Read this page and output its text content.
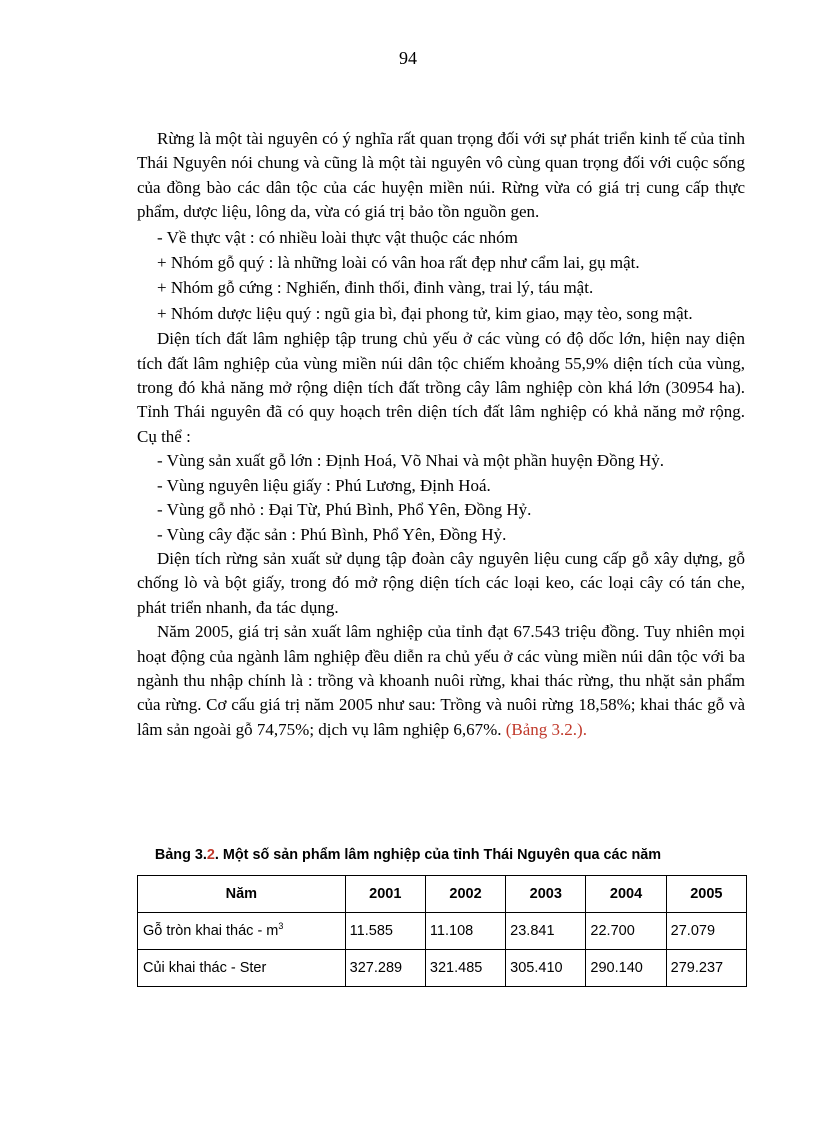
94

Rừng là một tài nguyên có ý nghĩa rất quan trọng đối với sự phát triển kinh tế của tỉnh Thái Nguyên nói chung và cũng là một tài nguyên vô cùng quan trọng đối với cuộc sống của đồng bào các dân tộc của các huyện miền núi. Rừng vừa có giá trị cung cấp thực phẩm, dược liệu, lông da, vừa có giá trị bảo tồn nguồn gen.

- Về thực vật : có nhiều loài thực vật thuộc các nhóm

+ Nhóm gỗ quý : là những loài có vân hoa rất đẹp như cẩm lai, gụ mật.

+ Nhóm gỗ cứng : Nghiến, đinh thối, đinh vàng, trai lý, táu mật.

+ Nhóm dược liệu quý : ngũ gia bì, đại phong tử, kim giao, mạy tèo, song mật.

Diện tích đất lâm nghiệp tập trung chủ yếu ở các vùng có độ dốc lớn, hiện nay diện tích đất lâm nghiệp của vùng miền núi dân tộc chiếm khoảng 55,9% diện tích của vùng, trong đó khả năng mở rộng diện tích đất trồng cây lâm nghiệp còn khá lớn (30954 ha). Tỉnh Thái nguyên đã có quy hoạch trên diện tích đất lâm nghiệp có khả năng mở rộng. Cụ thể :

- Vùng sản xuất gỗ lớn : Định Hoá, Võ Nhai và một phần huyện Đồng Hỷ.

- Vùng nguyên liệu giấy : Phú Lương, Định Hoá.

- Vùng gỗ nhỏ : Đại Từ, Phú Bình, Phổ Yên, Đồng Hỷ.

- Vùng cây đặc sản : Phú Bình, Phổ Yên, Đồng Hỷ.

Diện tích rừng sản xuất sử dụng tập đoàn cây nguyên liệu cung cấp gỗ xây dựng, gỗ chống lò và bột giấy, trong đó mở rộng diện tích các loại keo, các loại cây có tán che, phát triển nhanh, đa tác dụng.

Năm 2005, giá trị sản xuất lâm nghiệp của tỉnh đạt 67.543 triệu đồng. Tuy nhiên mọi hoạt động của ngành lâm nghiệp đều diễn ra chủ yếu ở các vùng miền núi dân tộc với ba ngành thu nhập chính là : trồng và khoanh nuôi rừng, khai thác rừng, thu nhặt sản phẩm của rừng. Cơ cấu giá trị năm 2005 như sau: Trồng và nuôi rừng 18,58%; khai thác gỗ và lâm sản ngoài gỗ 74,75%; dịch vụ lâm nghiệp 6,67%. (Bảng 3.2.).

Bảng 3.2. Một số sản phẩm lâm nghiệp của tỉnh Thái Nguyên qua các năm
Năm	2001	2002	2003	2004	2005
Gỗ tròn khai thác - $m^3$	11.585	11.108	23.841	22.700	27.079
Củi khai thác - Ster	327.289	321.485	305.410	290.140	279.237
